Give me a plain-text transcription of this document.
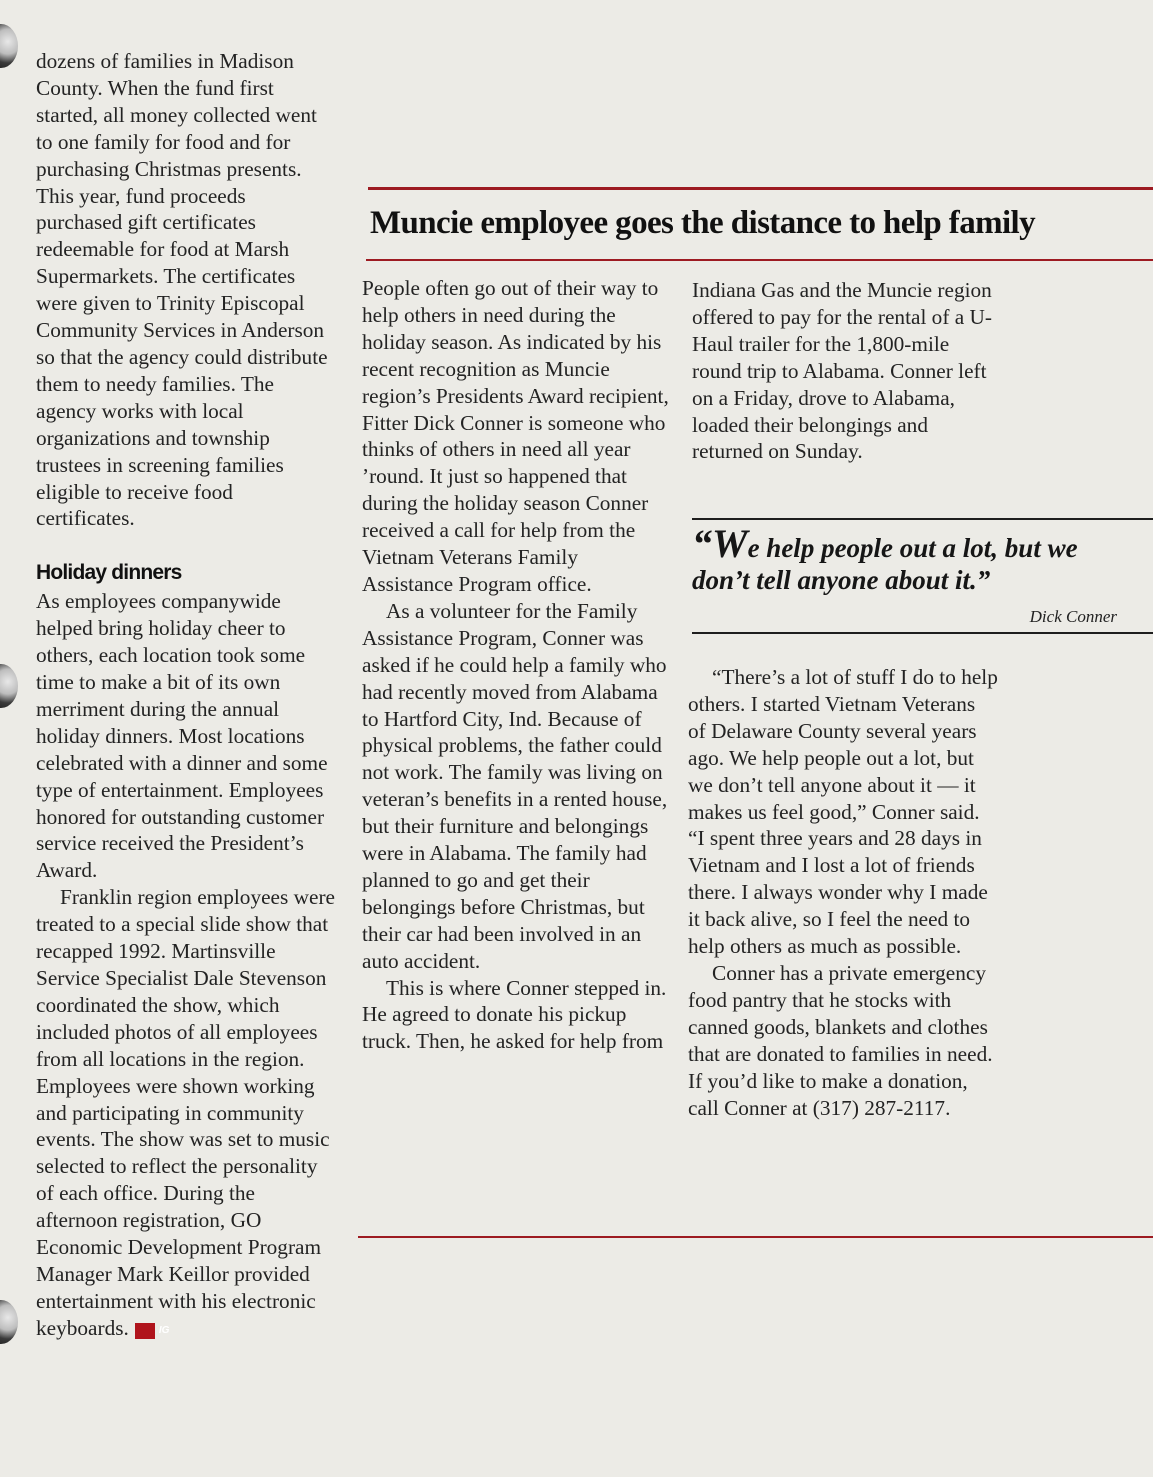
dozens of families in Madison County. When the fund first started, all money collected went to one family for food and for purchasing Christmas presents. This year, fund proceeds purchased gift certificates redeemable for food at Marsh Supermarkets. The certificates were given to Trinity Episcopal Community Services in Anderson so that the agency could distribute them to needy families. The agency works with local organizations and township trustees in screening families eligible to receive food certificates.

Holiday dinners

As employees companywide helped bring holiday cheer to others, each location took some time to make a bit of its own merriment during the annual holiday dinners. Most locations celebrated with a dinner and some type of entertainment. Employees honored for outstanding customer service received the President’s Award.

Franklin region employees were treated to a special slide show that recapped 1992. Martinsville Service Specialist Dale Stevenson coordinated the show, which included photos of all employees from all locations in the region. Employees were shown working and participating in community events. The show was set to music selected to reflect the personality of each office. During the afternoon registration, GO Economic Development Program Manager Mark Keillor provided entertainment with his electronic keyboards.	IG

Muncie employee goes the distance to help family

People often go out of their way to help others in need during the holiday season. As indicated by his recent recognition as Muncie region’s Presidents Award recipient, Fitter Dick Conner is someone who thinks of others in need all year ’round. It just so happened that during the holiday season Conner received a call for help from the Vietnam Veterans Family Assistance Program office.

As a volunteer for the Family Assistance Program, Conner was asked if he could help a family who had recently moved from Alabama to Hartford City, Ind. Because of physical problems, the father could not work. The family was living on veteran’s benefits in a rented house, but their furniture and belongings were in Alabama. The family had planned to go and get their belongings before Christmas, but their car had been involved in an auto accident.

This is where Conner stepped in. He agreed to donate his pickup truck. Then, he asked for help from

Indiana Gas and the Muncie region offered to pay for the rental of a U-Haul trailer for the 1,800-mile round trip to Alabama. Conner left on a Friday, drove to Alabama, loaded their belongings and returned on Sunday.

“We help people out a lot, but we don’t tell anyone about it.”

Dick Conner

“There’s a lot of stuff I do to help others. I started Vietnam Veterans of Delaware County several years ago. We help people out a lot, but we don’t tell anyone about it — it makes us feel good,” Conner said. “I spent three years and 28 days in Vietnam and I lost a lot of friends there. I always wonder why I made it back alive, so I feel the need to help others as much as possible.

Conner has a private emergency food pantry that he stocks with canned goods, blankets and clothes that are donated to families in need. If you’d like to make a donation, call Conner at (317) 287-2117.
